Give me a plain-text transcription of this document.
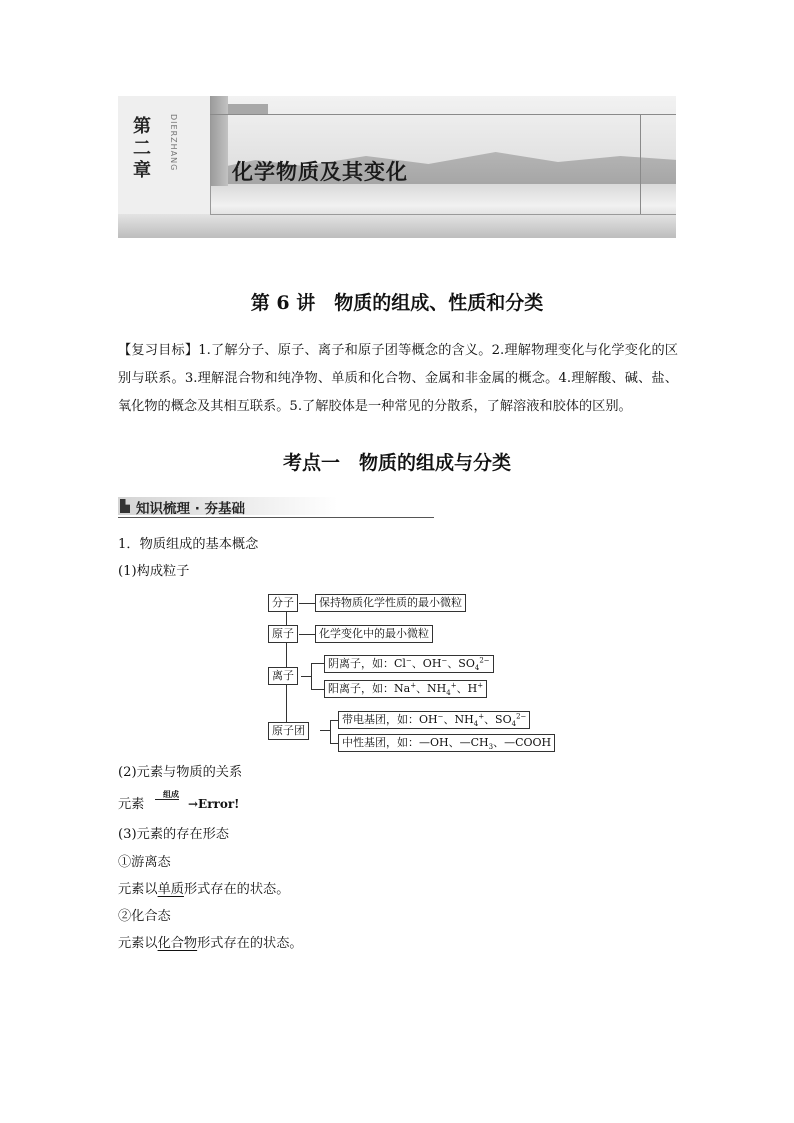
第二章	DIERZHANG
化学物质及其变化
第 6 讲　物质的组成、性质和分类
【复习目标】1.了解分子、原子、离子和原子团等概念的含义。2.理解物理变化与化学变化的区别与联系。3.理解混合物和纯净物、单质和化合物、金属和非金属的概念。4.理解酸、碱、盐、氧化物的概念及其相互联系。5.了解胶体是一种常见的分散系，了解溶液和胶体的区别。
考点一　物质的组成与分类
知识梳理 · 夯基础
1．物质组成的基本概念
(1)构成粒子
分子	保持物质化学性质的最小微粒
原子	化学变化中的最小微粒
离子
阴离子，如：Cl−、OH−、$SO_4^{2-}$
阳离子，如：Na+、$NH_4^+$、H+
原子团
带电基团，如：OH−、$NH_4^+$、$SO_4^{2-}$
中性基团，如：—OH、$—CH_3$、—COOH
(2)元素与物质的关系
元素
组成
→Error!
(3)元素的存在形态
①游离态
元素以单质形式存在的状态。
②化合态
元素以化合物形式存在的状态。
